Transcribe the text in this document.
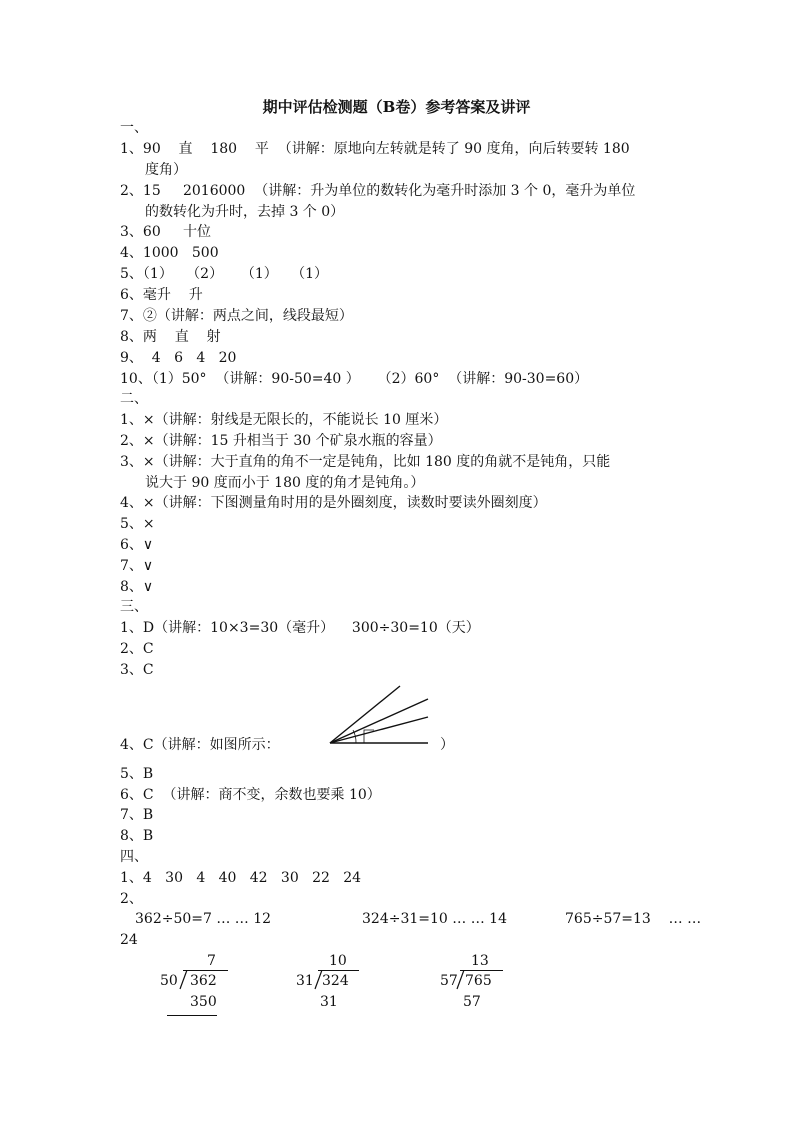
期中评估检测题（B卷）参考答案及讲评
一、
1、90    直    180    平  （讲解：原地向左转就是转了 90 度角，向后转要转 180
度角）
2、15     2016000  （讲解：升为单位的数转化为毫升时添加 3 个 0，毫升为单位
的数转化为升时，去掉 3 个 0）
3、60     十位
4、1000   500
5、（1）   （2）    （1）   （1）
6、毫升    升
7、②（讲解：两点之间，线段最短）
8、两    直    射
9、  4   6   4   20
10、（1）50°  （讲解：90-50=40 ）    （2）60°  （讲解：90-30=60）
二、
1、×（讲解：射线是无限长的，不能说长 10 厘米）
2、×（讲解：15 升相当于 30 个矿泉水瓶的容量）
3、×（讲解：大于直角的角不一定是钝角，比如 180 度的角就不是钝角，只能
说大于 90 度而小于 180 度的角才是钝角。）
4、×（讲解：下图测量角时用的是外圈刻度，读数时要读外圈刻度）
5、×
6、∨
7、∨
8、∨
三、
1、D（讲解：10×3=30（毫升）    300÷30=10（天）
2、C
3、C
4、C（讲解：如图所示：	）
5、B
6、C  （讲解：商不变，余数也要乘 10）
7、B
8、B
四、
1、4   30   4   40   42   30   22   24
2、
362÷50=7 … … 12	324÷31=10 … … 14	765÷57=13    … …
24
7
50 362
350
10
31 324
31
13
57 765
57
